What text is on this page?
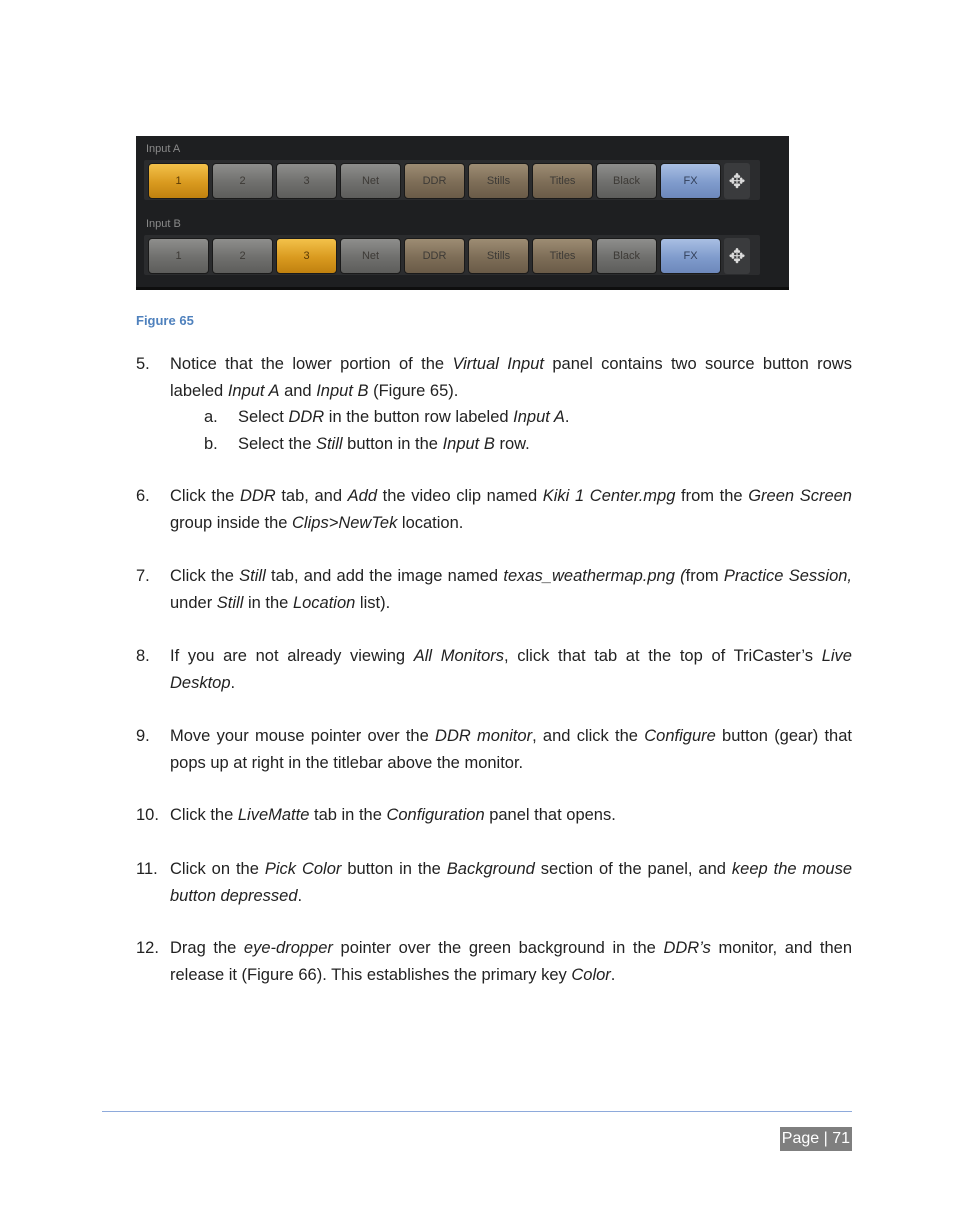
Input A
1	2	3	Net	DDR	Stills	Titles	Black	FX	✥
Input B
1	2	3	Net	DDR	Stills	Titles	Black	FX	✥
Figure 65
5. Notice that the lower portion of the Virtual Input panel contains two source button rows labeled Input A and Input B (Figure 65).
a. Select DDR in the button row labeled Input A.
b. Select the Still button in the Input B row.
6. Click the DDR tab, and Add the video clip named Kiki 1 Center.mpg from the Green Screen group inside the Clips>NewTek location.
7. Click the Still tab, and add the image named texas_weathermap.png (from Practice Session, under Still in the Location list).
8. If you are not already viewing All Monitors, click that tab at the top of TriCaster’s Live Desktop.
9. Move your mouse pointer over the DDR monitor, and click the Configure button (gear) that pops up at right in the titlebar above the monitor.
10. Click the LiveMatte tab in the Configuration panel that opens.
11. Click on the Pick Color button in the Background section of the panel, and keep the mouse button depressed.
12. Drag the eye-dropper pointer over the green background in the DDR’s monitor, and then release it (Figure 66). This establishes the primary key Color.
Page | 71
